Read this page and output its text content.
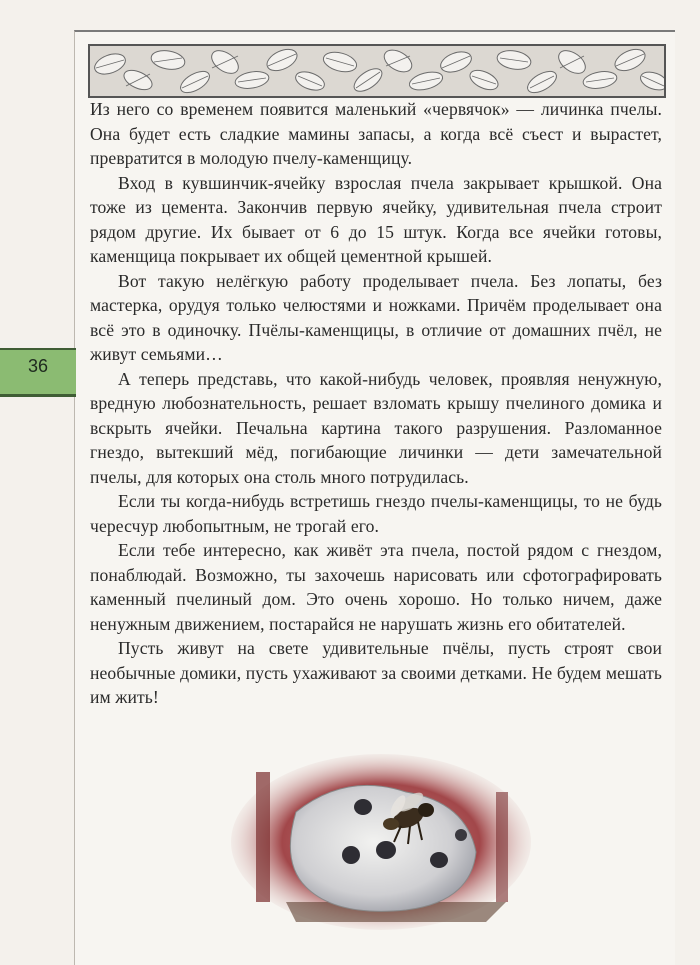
Из него со временем появится маленький «червячок» — личинка пчелы. Она будет есть сладкие мамины запасы, а когда всё съест и вырастет, превратится в молодую пчелу-каменщицу.

Вход в кувшинчик-ячейку взрослая пчела закрывает крышкой. Она тоже из цемента. Закончив первую ячейку, удивительная пчела строит рядом другие. Их бывает от 6 до 15 штук. Когда все ячейки готовы, каменщица покрывает их общей цементной крышей.

Вот такую нелёгкую работу проделывает пчела. Без лопаты, без мастерка, орудуя только челюстями и ножками. Причём проделывает она всё это в одиночку. Пчёлы-каменщицы, в отличие от домашних пчёл, не живут семьями…

А теперь представь, что какой-нибудь человек, проявляя ненужную, вредную любознательность, решает взломать крышу пчелиного домика и вскрыть ячейки. Печальна картина такого разрушения. Разломанное гнездо, вытекший мёд, погибающие личинки — дети замечательной пчелы, для которых она столь много потрудилась.

Если ты когда-нибудь встретишь гнездо пчелы-каменщицы, то не будь чересчур любопытным, не трогай его.

Если тебе интересно, как живёт эта пчела, постой рядом с гнездом, понаблюдай. Возможно, ты захочешь нарисовать или сфотографировать каменный пчелиный дом. Это очень хорошо. Но только ничем, даже ненужным движением, постарайся не нарушать жизнь его обитателей.

Пусть живут на свете удивительные пчёлы, пусть строят свои необычные домики, пусть ухаживают за своими детками. Не будем мешать им жить!

36
